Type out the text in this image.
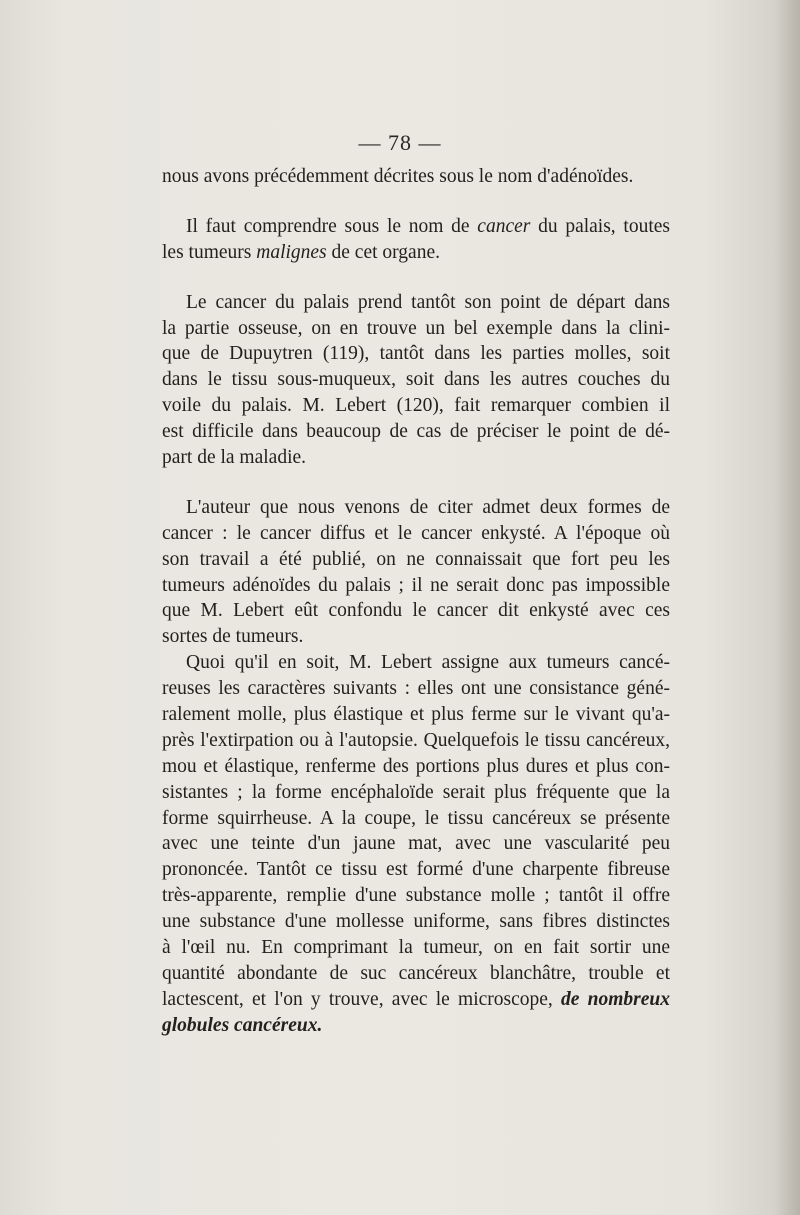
— 78 —
nous avons précédemment décrites sous le nom d'adénoïdes.
Il faut comprendre sous le nom de cancer du palais, toutes
les tumeurs malignes de cet organe.
Le cancer du palais prend tantôt son point de départ dans
la partie osseuse, on en trouve un bel exemple dans la clini-
que de Dupuytren (119), tantôt dans les parties molles, soit
dans le tissu sous-muqueux, soit dans les autres couches du
voile du palais. M. Lebert (120), fait remarquer combien il
est difficile dans beaucoup de cas de préciser le point de dé-
part de la maladie.
L'auteur que nous venons de citer admet deux formes de
cancer : le cancer diffus et le cancer enkysté. A l'époque où
son travail a été publié, on ne connaissait que fort peu les
tumeurs adénoïdes du palais ; il ne serait donc pas impossible
que M. Lebert eût confondu le cancer dit enkysté avec ces
sortes de tumeurs.
Quoi qu'il en soit, M. Lebert assigne aux tumeurs cancé-
reuses les caractères suivants : elles ont une consistance géné-
ralement molle, plus élastique et plus ferme sur le vivant qu'a-
près l'extirpation ou à l'autopsie. Quelquefois le tissu cancéreux,
mou et élastique, renferme des portions plus dures et plus con-
sistantes ; la forme encéphaloïde serait plus fréquente que la
forme squirrheuse. A la coupe, le tissu cancéreux se présente
avec une teinte d'un jaune mat, avec une vascularité peu
prononcée. Tantôt ce tissu est formé d'une charpente fibreuse
très-apparente, remplie d'une substance molle ; tantôt il offre
une substance d'une mollesse uniforme, sans fibres distinctes
à l'œil nu. En comprimant la tumeur, on en fait sortir une
quantité abondante de suc cancéreux blanchâtre, trouble et
lactescent, et l'on y trouve, avec le microscope, de nombreux
globules cancéreux.
